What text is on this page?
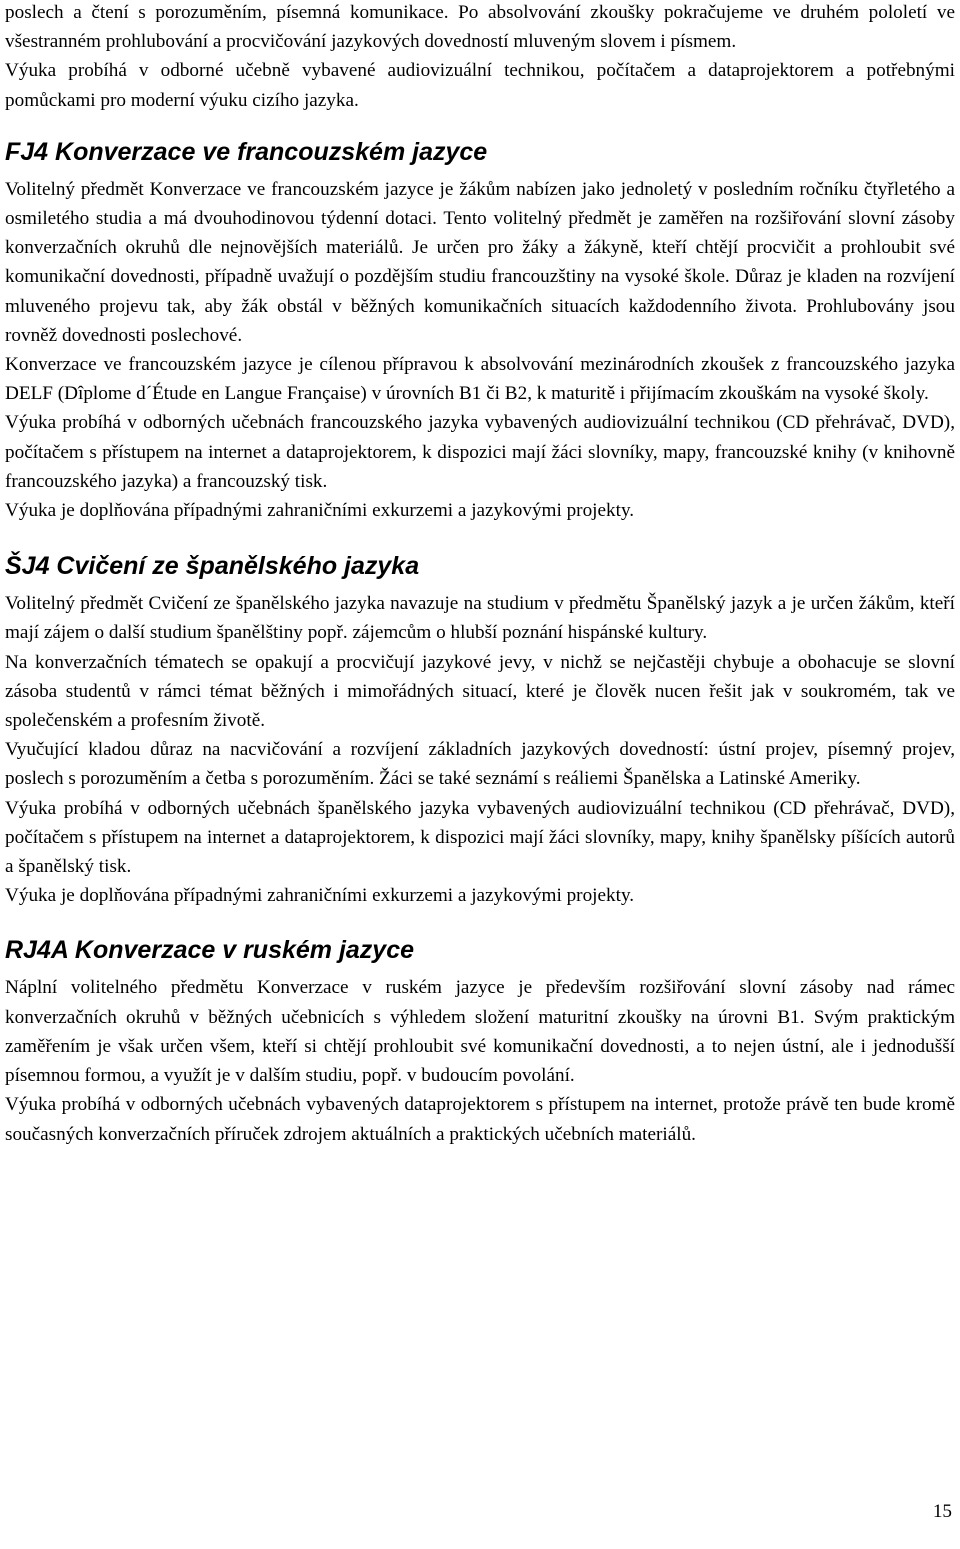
poslech a čtení s porozuměním, písemná komunikace. Po absolvování zkoušky pokračujeme ve druhém pololetí ve všestranném prohlubování a procvičování jazykových dovedností mluveným slovem i písmem.

Výuka probíhá v odborné učebně vybavené audiovizuální technikou, počítačem a dataprojektorem a potřebnými pomůckami pro moderní výuku cizího jazyka.

FJ4 Konverzace ve francouzském jazyce

Volitelný předmět Konverzace ve francouzském jazyce je žákům nabízen jako jednoletý v posledním ročníku čtyřletého a osmiletého studia a má dvouhodinovou týdenní dotaci. Tento volitelný předmět je zaměřen na rozšiřování slovní zásoby konverzačních okruhů dle nejnovějších materiálů. Je určen pro žáky a žákyně, kteří chtějí procvičit a prohloubit své komunikační dovednosti, případně uvažují o pozdějším studiu francouzštiny na vysoké škole. Důraz je kladen na rozvíjení mluveného projevu tak, aby žák obstál v běžných komunikačních situacích každodenního života. Prohlubovány jsou rovněž dovednosti poslechové.

Konverzace ve francouzském jazyce je cílenou přípravou k absolvování mezinárodních zkoušek z francouzského jazyka DELF (Dîplome d´Étude en Langue Française) v úrovních B1 či B2, k maturitě i přijímacím zkouškám na vysoké školy.

Výuka probíhá v odborných učebnách francouzského jazyka vybavených audiovizuální technikou (CD přehrávač, DVD), počítačem s přístupem na internet a dataprojektorem, k dispozici mají žáci slovníky, mapy, francouzské knihy (v knihovně francouzského jazyka) a francouzský tisk.

Výuka je doplňována případnými zahraničními exkurzemi a jazykovými projekty.

ŠJ4 Cvičení ze španělského jazyka

Volitelný předmět Cvičení ze španělského jazyka navazuje na studium v předmětu Španělský jazyk a je určen žákům, kteří mají zájem o další studium španělštiny popř. zájemcům o hlubší poznání hispánské kultury.

Na konverzačních tématech se opakují a procvičují jazykové jevy, v nichž se nejčastěji chybuje a obohacuje se slovní zásoba studentů v rámci témat běžných i mimořádných situací, které je člověk nucen řešit jak v soukromém, tak ve společenském a profesním životě.

Vyučující kladou důraz na nacvičování a rozvíjení základních jazykových dovedností: ústní projev, písemný projev, poslech s porozuměním a četba s porozuměním. Žáci se také seznámí s reáliemi Španělska a Latinské Ameriky.

Výuka probíhá v odborných učebnách španělského jazyka vybavených audiovizuální technikou (CD přehrávač, DVD), počítačem s přístupem na internet a dataprojektorem, k dispozici mají žáci slovníky, mapy, knihy španělsky píšících autorů a španělský tisk.

Výuka je doplňována případnými zahraničními exkurzemi a jazykovými projekty.

RJ4A Konverzace v ruském jazyce

Náplní volitelného předmětu Konverzace v ruském jazyce je především rozšiřování slovní zásoby nad rámec konverzačních okruhů v běžných učebnicích s výhledem složení maturitní zkoušky na úrovni B1. Svým praktickým zaměřením je však určen všem, kteří si chtějí prohloubit své komunikační dovednosti, a to nejen ústní, ale i jednodušší písemnou formou, a využít je v dalším studiu, popř. v budoucím povolání.

Výuka probíhá v odborných učebnách vybavených dataprojektorem s přístupem na internet, protože právě ten bude kromě současných konverzačních příruček zdrojem aktuálních a praktických učebních materiálů.

15
